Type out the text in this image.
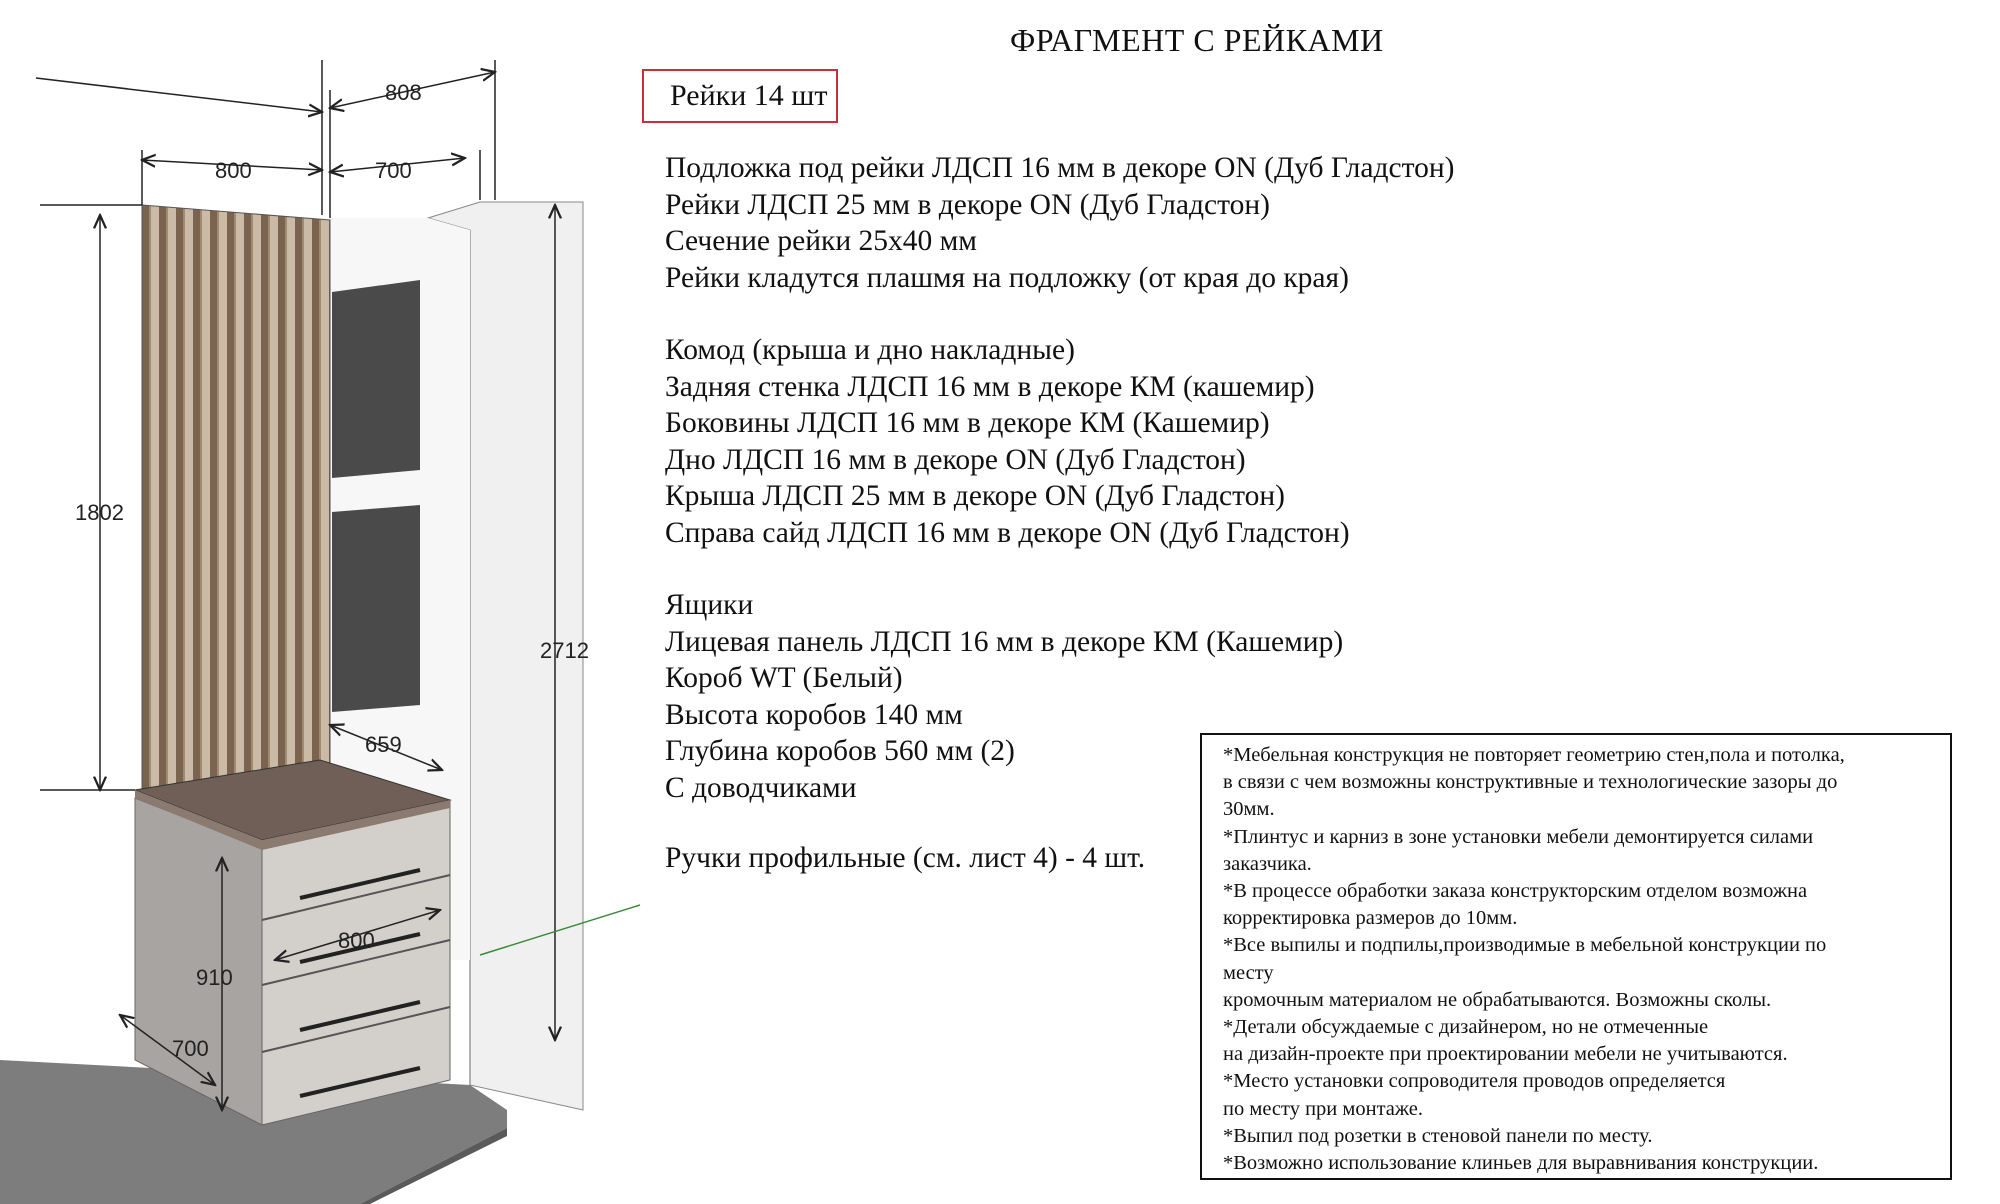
808
800	700
1802
2712
659
800
910
700
ФРАГМЕНТ С РЕЙКАМИ
Рейки 14 шт
Подложка под рейки ЛДСП 16 мм в декоре ON (Дуб Гладстон)
Рейки ЛДСП 25 мм в декоре ON (Дуб Гладстон)
Сечение рейки 25х40 мм
Рейки кладутся плашмя на подложку (от края до края)
Комод (крыша и дно накладные)
Задняя стенка ЛДСП 16 мм в декоре КМ (кашемир)
Боковины ЛДСП 16 мм в декоре КМ (Кашемир)
Дно ЛДСП 16 мм в декоре ON (Дуб Гладстон)
Крыша ЛДСП 25 мм в декоре ON (Дуб Гладстон)
Справа сайд ЛДСП 16 мм в декоре ON (Дуб Гладстон)
Ящики
Лицевая панель ЛДСП 16 мм в декоре КМ (Кашемир)
Короб WT (Белый)
Высота коробов 140 мм
Глубина коробов 560 мм (2)
С доводчиками
Ручки профильные (см. лист 4) - 4 шт.
*Мебельная конструкция не повторяет геометрию стен,пола и потолка,
в связи с чем возможны конструктивные и технологические зазоры до
30мм.
*Плинтус и карниз в зоне установки мебели демонтируется силами
заказчика.
*В процессе обработки заказа конструкторским отделом возможна
корректировка размеров до 10мм.
*Все выпилы и подпилы,производимые в мебельной конструкции по
месту
кромочным материалом не обрабатываются. Возможны сколы.
*Детали обсуждаемые с дизайнером, но не отмеченные
на дизайн-проекте при проектировании мебели не учитываются.
*Место установки сопроводителя проводов определяется
по месту при монтаже.
*Выпил под розетки в стеновой панели по месту.
*Возможно использование клиньев для выравнивания конструкции.
